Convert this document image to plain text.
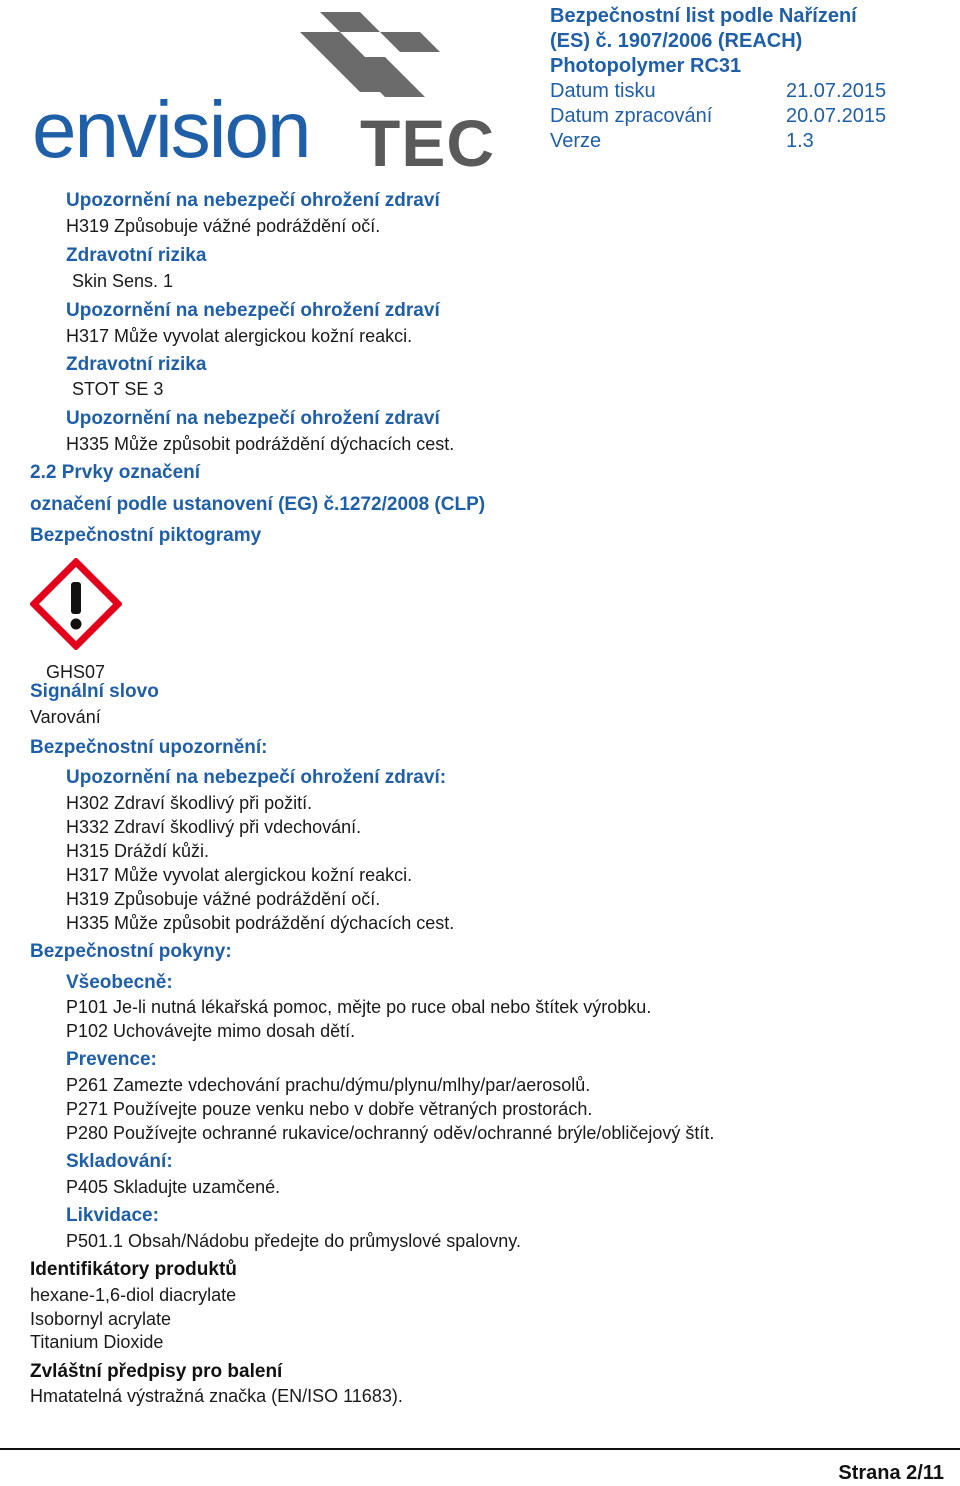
envision TEC
Bezpečnostní list podle Nařízení
(ES) č. 1907/2006 (REACH)
Photopolymer RC31
Datum tisku	21.07.2015
Datum zpracování	20.07.2015
Verze	1.3
Upozornění na nebezpečí ohrožení zdraví
H319 Způsobuje vážné podráždění očí.
Zdravotní rizika
Skin Sens. 1
Upozornění na nebezpečí ohrožení zdraví
H317 Může vyvolat alergickou kožní reakci.
Zdravotní rizika
STOT SE 3
Upozornění na nebezpečí ohrožení zdraví
H335 Může způsobit podráždění dýchacích cest.
2.2 Prvky označení
označení podle ustanovení (EG) č.1272/2008 (CLP)
Bezpečnostní piktogramy
GHS07
Signální slovo
Varování
Bezpečnostní upozornění:
Upozornění na nebezpečí ohrožení zdraví:
H302 Zdraví škodlivý při požití.
H332 Zdraví škodlivý při vdechování.
H315 Dráždí kůži.
H317 Může vyvolat alergickou kožní reakci.
H319 Způsobuje vážné podráždění očí.
H335 Může způsobit podráždění dýchacích cest.
Bezpečnostní pokyny:
Všeobecně:
P101 Je-li nutná lékařská pomoc, mějte po ruce obal nebo štítek výrobku.
P102 Uchovávejte mimo dosah dětí.
Prevence:
P261 Zamezte vdechování prachu/dýmu/plynu/mlhy/par/aerosolů.
P271 Používejte pouze venku nebo v dobře větraných prostorách.
P280 Používejte ochranné rukavice/ochranný oděv/ochranné brýle/obličejový štít.
Skladování:
P405 Skladujte uzamčené.
Likvidace:
P501.1 Obsah/Nádobu předejte do průmyslové spalovny.
Identifikátory produktů
hexane-1,6-diol diacrylate
Isobornyl acrylate
Titanium Dioxide
Zvláštní předpisy pro balení
Hmatatelná výstražná značka (EN/ISO 11683).
Strana 2/11
